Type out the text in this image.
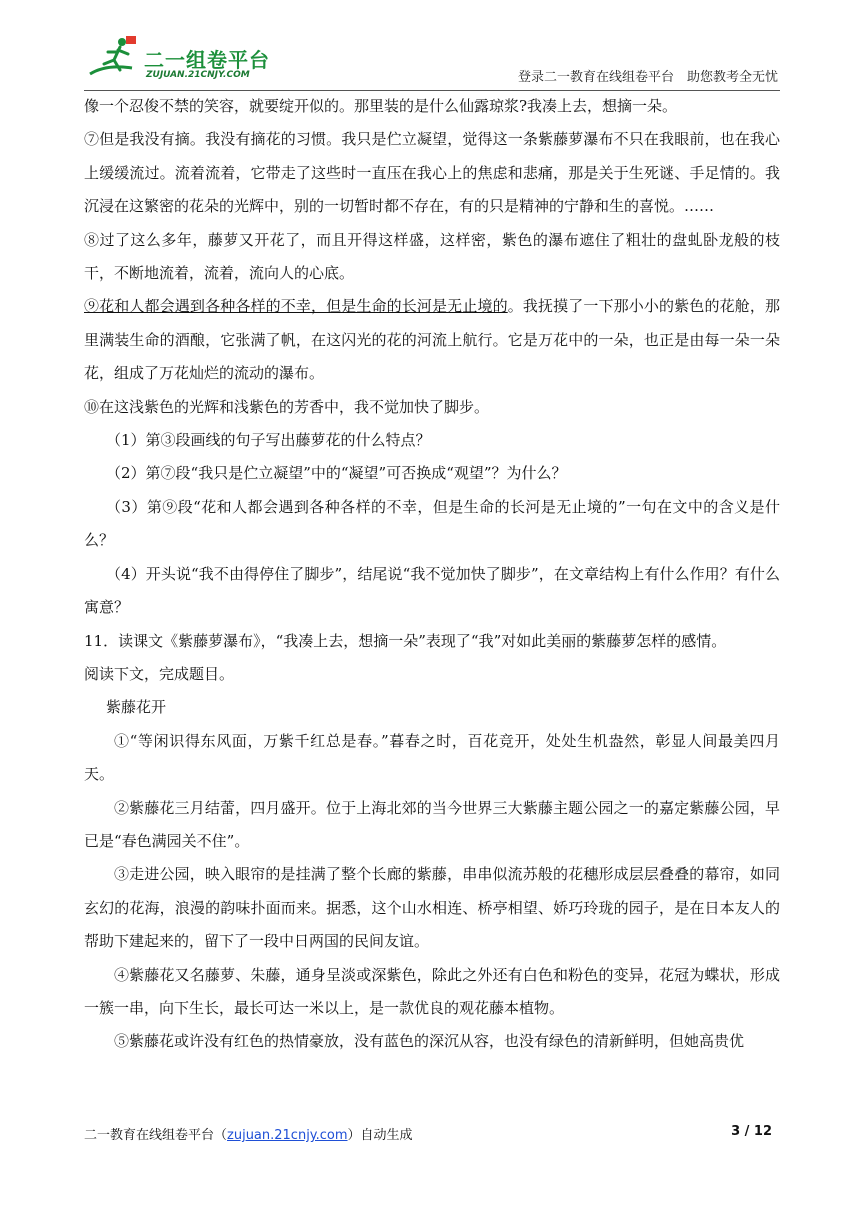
二一组卷平台
ZUJUAN.21CNJY.COM	登录二一教育在线组卷平台　助您教考全无忧

像一个忍俊不禁的笑容，就要绽开似的。那里装的是什么仙露琼浆?我凑上去，想摘一朵。

⑦但是我没有摘。我没有摘花的习惯。我只是伫立凝望，觉得这一条紫藤萝瀑布不只在我眼前，也在我心上缓缓流过。流着流着，它带走了这些时一直压在我心上的焦虑和悲痛，那是关于生死谜、手足情的。我沉浸在这繁密的花朵的光辉中，别的一切暂时都不存在，有的只是精神的宁静和生的喜悦。……

⑧过了这么多年，藤萝又开花了，而且开得这样盛，这样密，紫色的瀑布遮住了粗壮的盘虬卧龙般的枝干，不断地流着，流着，流向人的心底。

⑨花和人都会遇到各种各样的不幸，但是生命的长河是无止境的。我抚摸了一下那小小的紫色的花舱，那里满装生命的酒酿，它张满了帆，在这闪光的花的河流上航行。它是万花中的一朵，也正是由每一朵一朵花，组成了万花灿烂的流动的瀑布。

⑩在这浅紫色的光辉和浅紫色的芳香中，我不觉加快了脚步。

（1）第③段画线的句子写出藤萝花的什么特点？

（2）第⑦段“我只是伫立凝望”中的“凝望”可否换成“观望”？为什么？

（3）第⑨段“花和人都会遇到各种各样的不幸，但是生命的长河是无止境的”一句在文中的含义是什么？

（4）开头说“我不由得停住了脚步”，结尾说“我不觉加快了脚步”，在文章结构上有什么作用？有什么寓意？

11．读课文《紫藤萝瀑布》，“我凑上去，想摘一朵”表现了“我”对如此美丽的紫藤萝怎样的感情。

阅读下文，完成题目。

紫藤花开

①“等闲识得东风面，万紫千红总是春。”暮春之时，百花竞开，处处生机盎然，彰显人间最美四月天。

②紫藤花三月结蕾，四月盛开。位于上海北郊的当今世界三大紫藤主题公园之一的嘉定紫藤公园，早已是“春色满园关不住”。

③走进公园，映入眼帘的是挂满了整个长廊的紫藤，串串似流苏般的花穗形成层层叠叠的幕帘，如同玄幻的花海，浪漫的韵味扑面而来。据悉，这个山水相连、桥亭相望、娇巧玲珑的园子，是在日本友人的帮助下建起来的，留下了一段中日两国的民间友谊。

④紫藤花又名藤萝、朱藤，通身呈淡或深紫色，除此之外还有白色和粉色的变异，花冠为蝶状，形成一簇一串，向下生长，最长可达一米以上，是一款优良的观花藤本植物。

⑤紫藤花或许没有红色的热情豪放，没有蓝色的深沉从容，也没有绿色的清新鲜明，但她高贵优

二一教育在线组卷平台（zujuan.21cnjy.com）自动生成	3 / 12
